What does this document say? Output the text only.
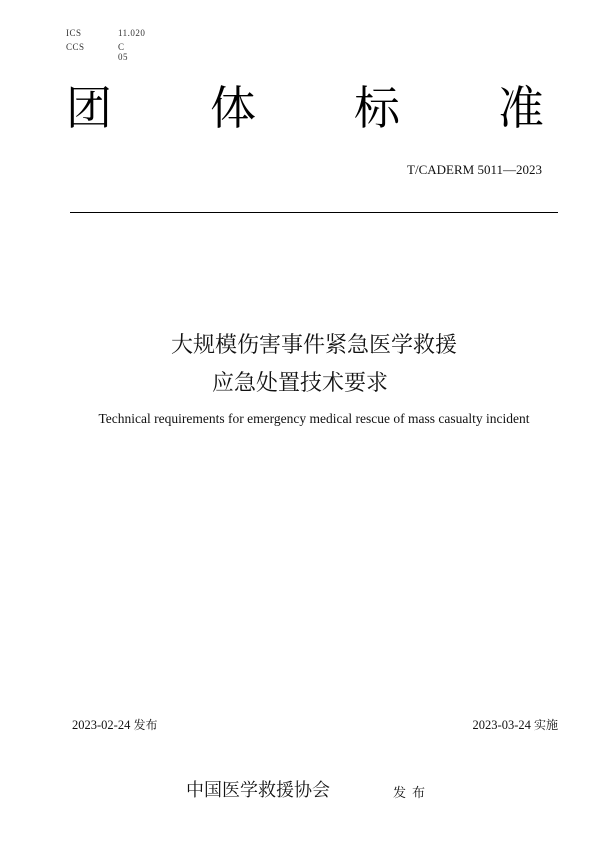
ICS	11.020
CCS	C 05
团 体 标 准
T/CADERM 5011—2023
大规模伤害事件紧急医学救援
应急处置技术要求
Technical requirements for emergency medical rescue of mass casualty incident
2023-02-24 发布	2023-03-24 实施
中国医学救援协会	发布
